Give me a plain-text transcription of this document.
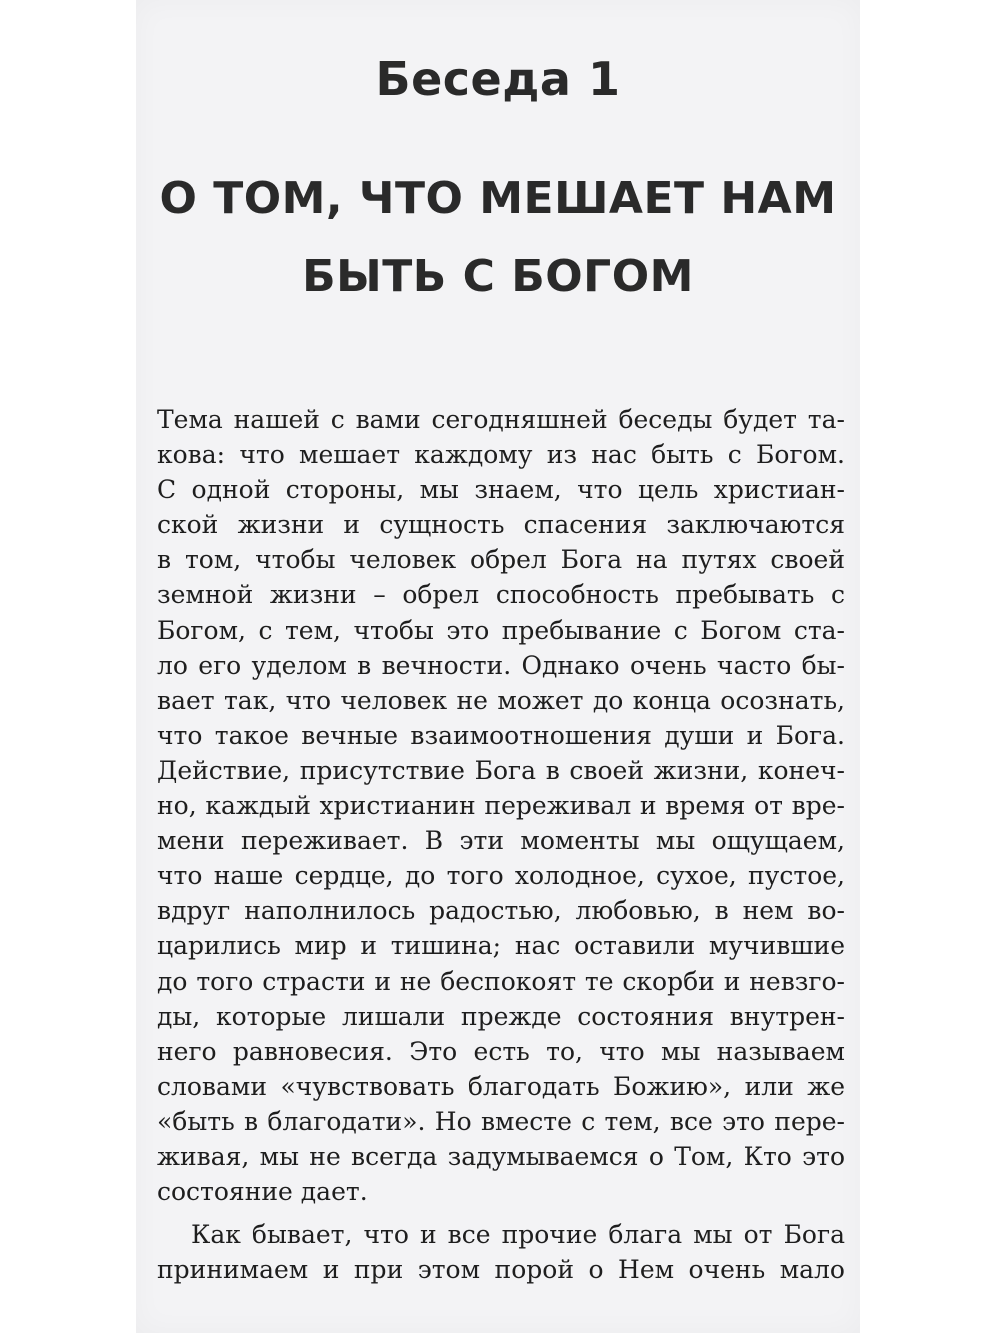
Беседа 1
О ТОМ, ЧТО МЕШАЕТ НАМ
БЫТЬ С БОГОМ
Тема нашей с вами сегодняшней беседы будет та-
кова: что мешает каждому из нас быть с Богом.
С одной стороны, мы знаем, что цель христиан-
ской жизни и сущность спасения заключаются
в том, чтобы человек обрел Бога на путях своей
земной жизни – обрел способность пребывать с
Богом, с тем, чтобы это пребывание с Богом ста-
ло его уделом в вечности. Однако очень часто бы-
вает так, что человек не может до конца осознать,
что такое вечные взаимоотношения души и Бога.
Действие, присутствие Бога в своей жизни, конеч-
но, каждый христианин переживал и время от вре-
мени переживает. В эти моменты мы ощущаем,
что наше сердце, до того холодное, сухое, пустое,
вдруг наполнилось радостью, любовью, в нем во-
царились мир и тишина; нас оставили мучившие
до того страсти и не беспокоят те скорби и невзго-
ды, которые лишали прежде состояния внутрен-
него равновесия. Это есть то, что мы называем
словами «чувствовать благодать Божию», или же
«быть в благодати». Но вместе с тем, все это пере-
живая, мы не всегда задумываемся о Том, Кто это
состояние дает.
Как бывает, что и все прочие блага мы от Бога
принимаем и при этом порой о Нем очень мало
